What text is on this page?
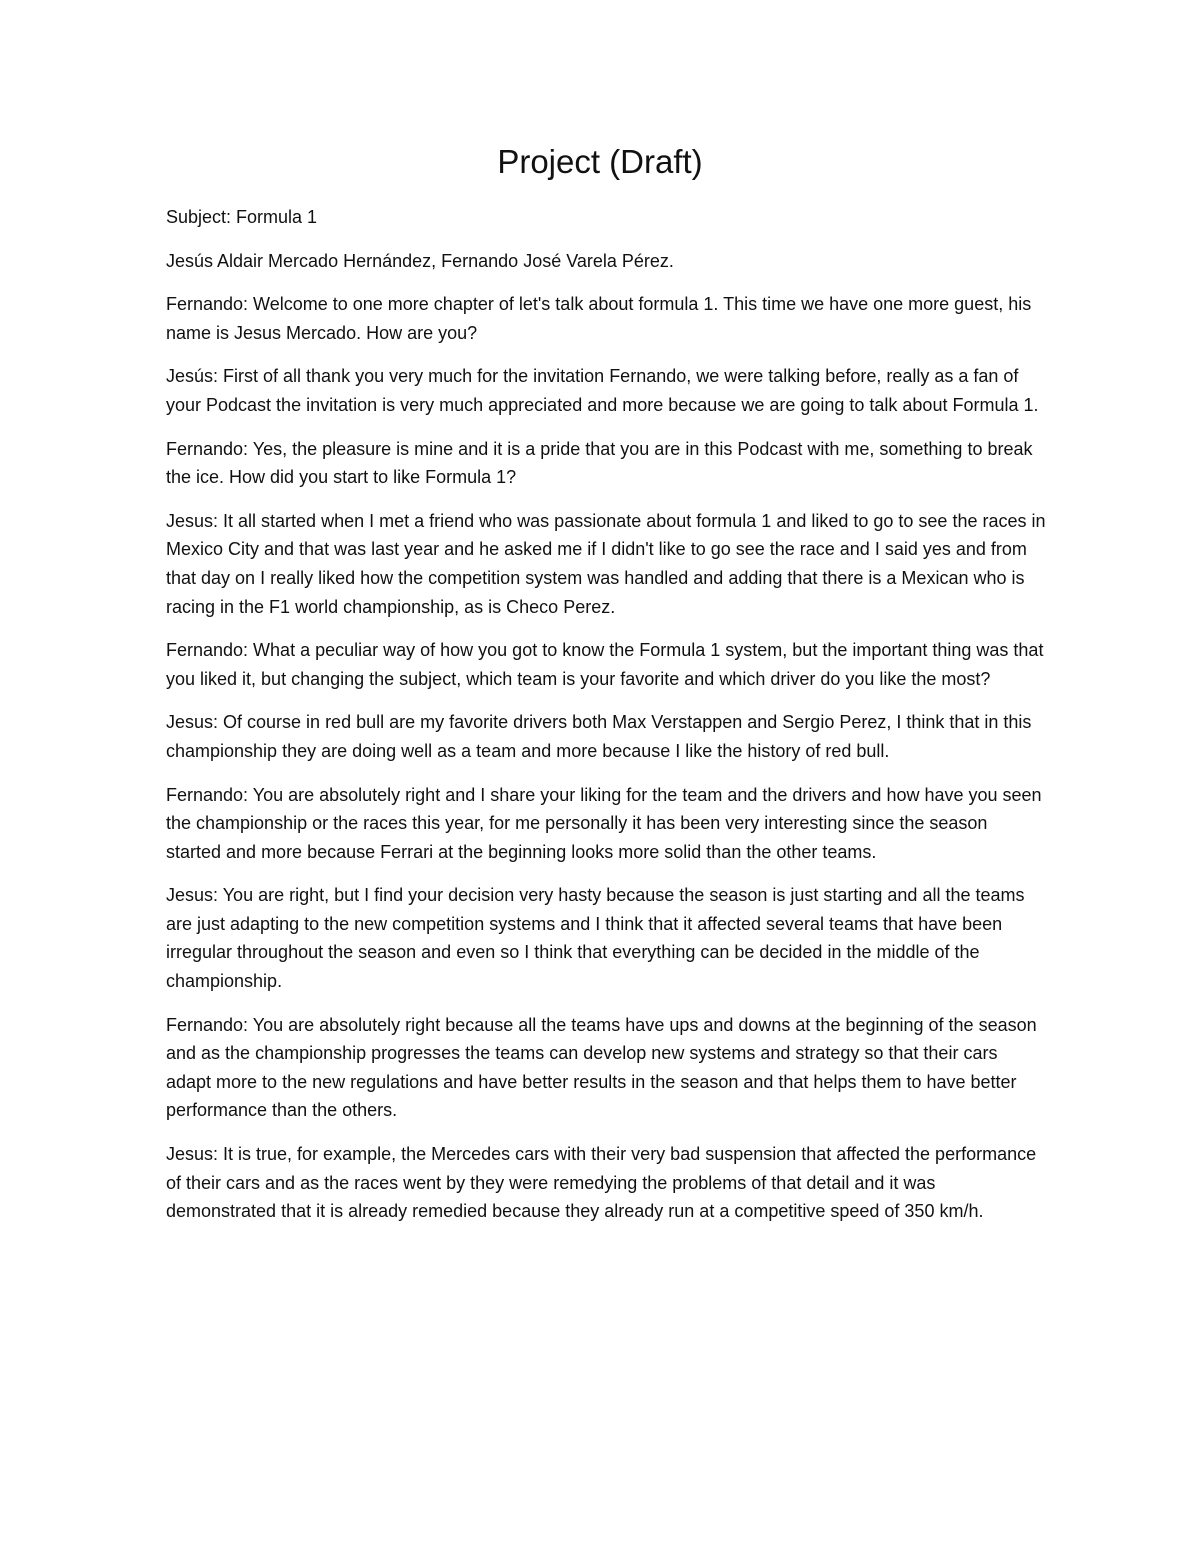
Project (Draft)

Subject: Formula 1

Jesús Aldair Mercado Hernández, Fernando José Varela Pérez.

Fernando: Welcome to one more chapter of let's talk about formula 1. This time we have one more guest, his name is Jesus Mercado. How are you?

Jesús: First of all thank you very much for the invitation Fernando, we were talking before, really as a fan of your Podcast the invitation is very much appreciated and more because we are going to talk about Formula 1.

Fernando: Yes, the pleasure is mine and it is a pride that you are in this Podcast with me, something to break the ice. How did you start to like Formula 1?

Jesus: It all started when I met a friend who was passionate about formula 1 and liked to go to see the races in Mexico City and that was last year and he asked me if I didn't like to go see the race and I said yes and from that day on I really liked how the competition system was handled and adding that there is a Mexican who is racing in the F1 world championship, as is Checo Perez.

Fernando: What a peculiar way of how you got to know the Formula 1 system, but the important thing was that you liked it, but changing the subject, which team is your favorite and which driver do you like the most?

Jesus: Of course in red bull are my favorite drivers both Max Verstappen and Sergio Perez, I think that in this championship they are doing well as a team and more because I like the history of red bull.

Fernando: You are absolutely right and I share your liking for the team and the drivers and how have you seen the championship or the races this year, for me personally it has been very interesting since the season started and more because Ferrari at the beginning looks more solid than the other teams.

Jesus: You are right, but I find your decision very hasty because the season is just starting and all the teams are just adapting to the new competition systems and I think that it affected several teams that have been irregular throughout the season and even so I think that everything can be decided in the middle of the championship.

Fernando: You are absolutely right because all the teams have ups and downs at the beginning of the season and as the championship progresses the teams can develop new systems and strategy so that their cars adapt more to the new regulations and have better results in the season and that helps them to have better performance than the others.

Jesus: It is true, for example, the Mercedes cars with their very bad suspension that affected the performance of their cars and as the races went by they were remedying the problems of that detail and it was demonstrated that it is already remedied because they already run at a competitive speed of 350 km/h.
